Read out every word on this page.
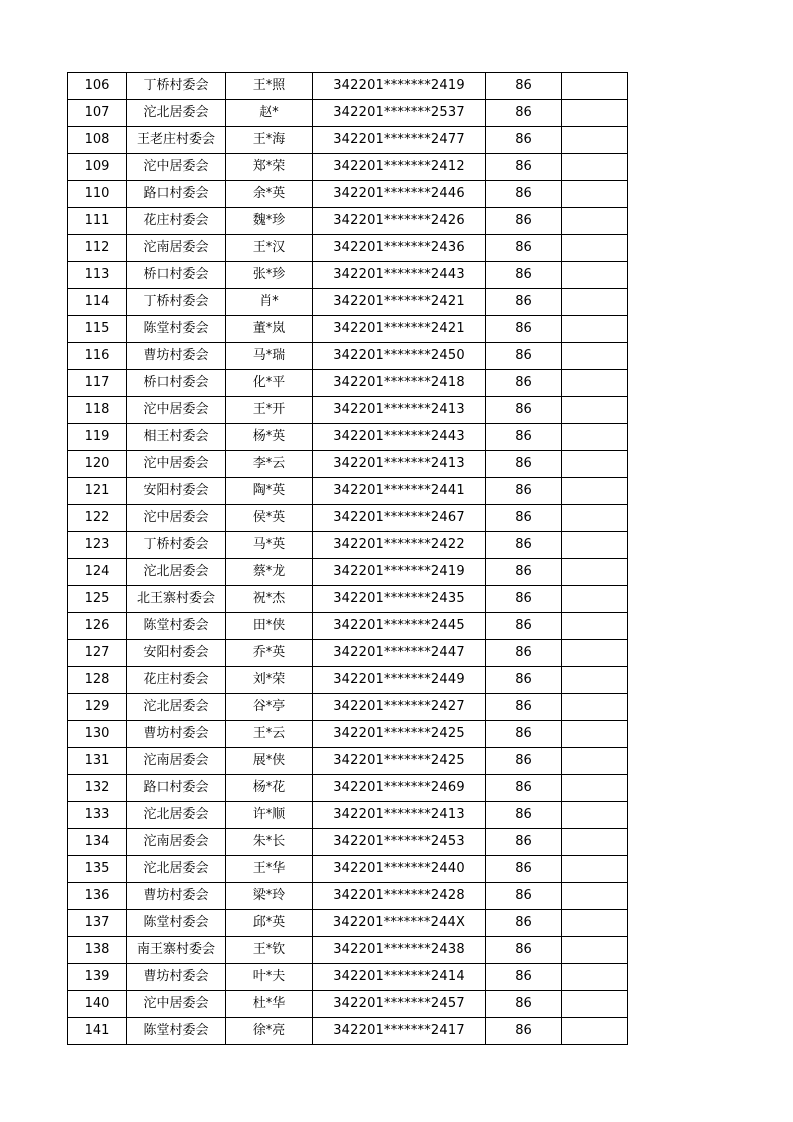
106	丁桥村委会	王*照	342201*******2419	86	
107	沱北居委会	赵*	342201*******2537	86	
108	王老庄村委会	王*海	342201*******2477	86	
109	沱中居委会	郑*荣	342201*******2412	86	
110	路口村委会	余*英	342201*******2446	86	
111	花庄村委会	魏*珍	342201*******2426	86	
112	沱南居委会	王*汉	342201*******2436	86	
113	桥口村委会	张*珍	342201*******2443	86	
114	丁桥村委会	肖*	342201*******2421	86	
115	陈堂村委会	董*岚	342201*******2421	86	
116	曹坊村委会	马*瑞	342201*******2450	86	
117	桥口村委会	化*平	342201*******2418	86	
118	沱中居委会	王*开	342201*******2413	86	
119	相王村委会	杨*英	342201*******2443	86	
120	沱中居委会	李*云	342201*******2413	86	
121	安阳村委会	陶*英	342201*******2441	86	
122	沱中居委会	侯*英	342201*******2467	86	
123	丁桥村委会	马*英	342201*******2422	86	
124	沱北居委会	蔡*龙	342201*******2419	86	
125	北王寨村委会	祝*杰	342201*******2435	86	
126	陈堂村委会	田*侠	342201*******2445	86	
127	安阳村委会	乔*英	342201*******2447	86	
128	花庄村委会	刘*荣	342201*******2449	86	
129	沱北居委会	谷*亭	342201*******2427	86	
130	曹坊村委会	王*云	342201*******2425	86	
131	沱南居委会	展*侠	342201*******2425	86	
132	路口村委会	杨*花	342201*******2469	86	
133	沱北居委会	许*顺	342201*******2413	86	
134	沱南居委会	朱*长	342201*******2453	86	
135	沱北居委会	王*华	342201*******2440	86	
136	曹坊村委会	梁*玲	342201*******2428	86	
137	陈堂村委会	邱*英	342201*******244X	86	
138	南王寨村委会	王*钦	342201*******2438	86	
139	曹坊村委会	叶*夫	342201*******2414	86	
140	沱中居委会	杜*华	342201*******2457	86	
141	陈堂村委会	徐*亮	342201*******2417	86	
